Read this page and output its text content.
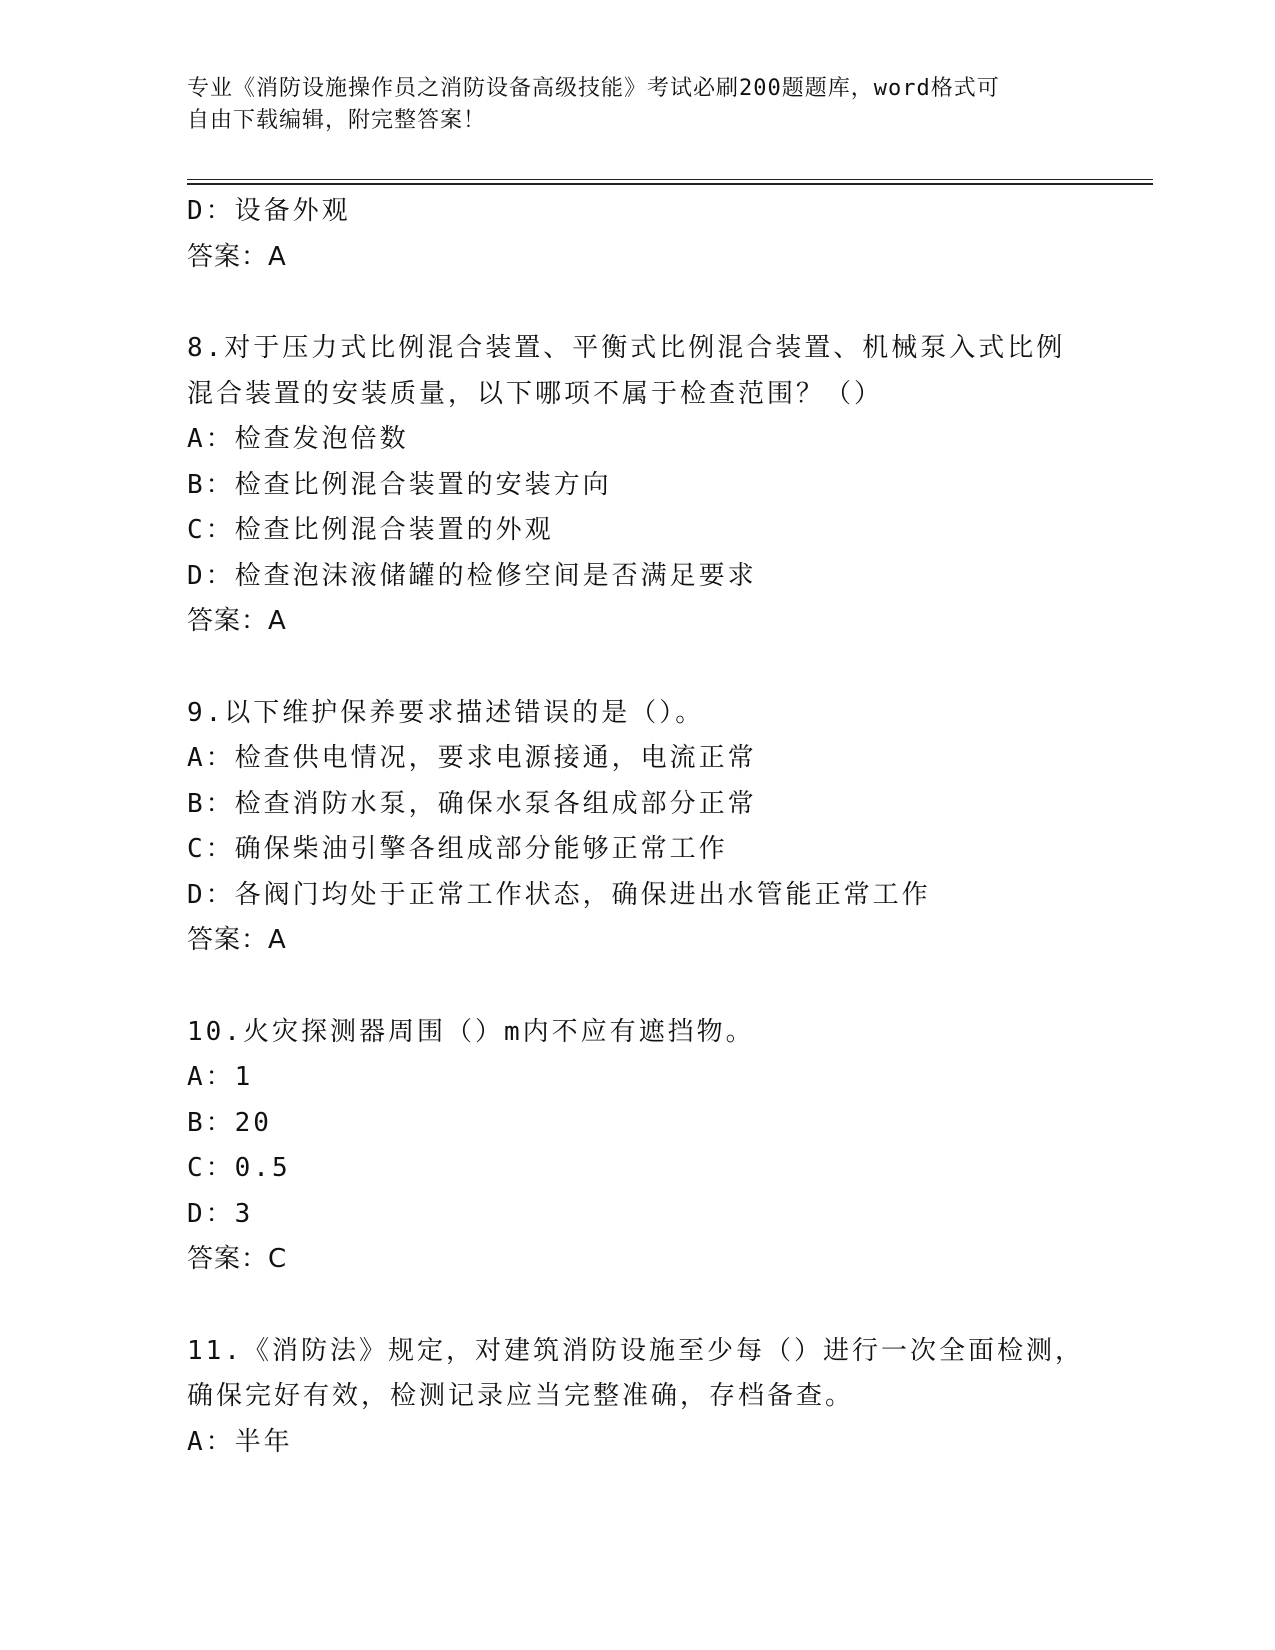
专业《消防设施操作员之消防设备高级技能》考试必刷200题题库，word格式可
自由下载编辑，附完整答案！
D：设备外观
答案：A
8.对于压力式比例混合装置、平衡式比例混合装置、机械泵入式比例
混合装置的安装质量，以下哪项不属于检查范围？（）
A：检查发泡倍数
B：检查比例混合装置的安装方向
C：检查比例混合装置的外观
D：检查泡沫液储罐的检修空间是否满足要求
答案：A
9.以下维护保养要求描述错误的是（）。
A：检查供电情况，要求电源接通，电流正常
B：检查消防水泵，确保水泵各组成部分正常
C：确保柴油引擎各组成部分能够正常工作
D：各阀门均处于正常工作状态，确保进出水管能正常工作
答案：A
10.火灾探测器周围（）m内不应有遮挡物。
A：1
B：20
C：0.5
D：3
答案：C
11.《消防法》规定，对建筑消防设施至少每（）进行一次全面检测，
确保完好有效，检测记录应当完整准确，存档备查。
A：半年
